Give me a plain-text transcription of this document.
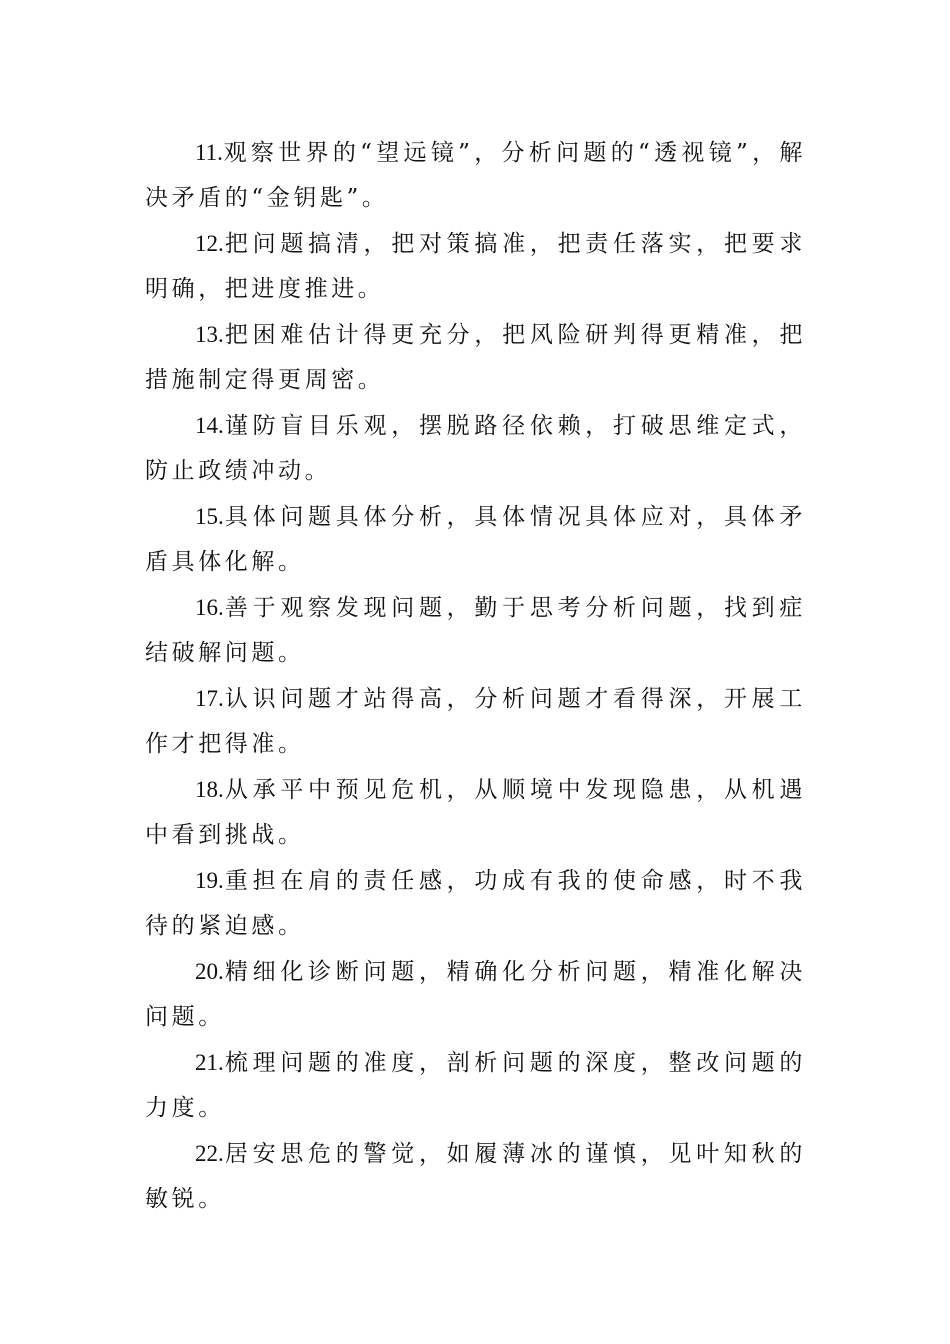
11.观察世界的“望远镜”，分析问题的“透视镜”，解决矛盾的“金钥匙”。

12.把问题搞清，把对策搞准，把责任落实，把要求明确，把进度推进。

13.把困难估计得更充分，把风险研判得更精准，把措施制定得更周密。

14.谨防盲目乐观，摆脱路径依赖，打破思维定式，防止政绩冲动。

15.具体问题具体分析，具体情况具体应对，具体矛盾具体化解。

16.善于观察发现问题，勤于思考分析问题，找到症结破解问题。

17.认识问题才站得高，分析问题才看得深，开展工作才把得准。

18.从承平中预见危机，从顺境中发现隐患，从机遇中看到挑战。

19.重担在肩的责任感，功成有我的使命感，时不我待的紧迫感。

20.精细化诊断问题，精确化分析问题，精准化解决问题。

21.梳理问题的准度，剖析问题的深度，整改问题的力度。

22.居安思危的警觉，如履薄冰的谨慎，见叶知秋的敏锐。
